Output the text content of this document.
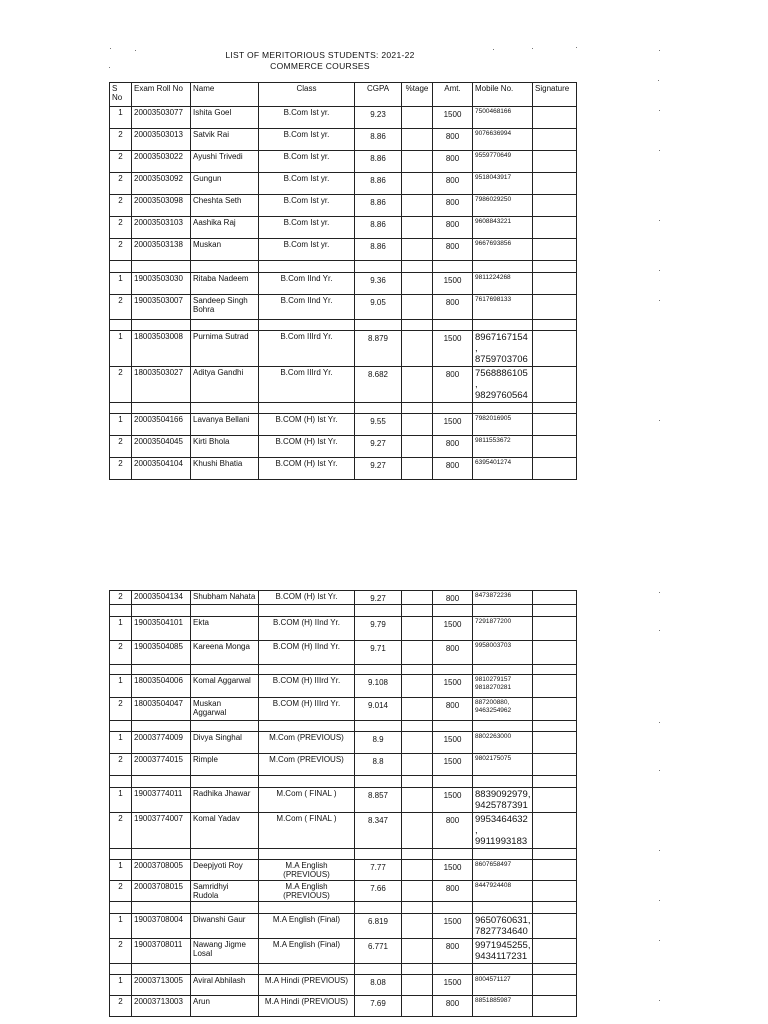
LIST OF MERITORIOUS STUDENTS: 2021-22
COMMERCE COURSES
S No	Exam Roll No	Name	Class	CGPA	%tage	Amt.	Mobile No.	Signature
1	20003503077	Ishita Goel	B.Com Ist yr.	9.23		1500	7500468166	
2	20003503013	Satvik Rai	B.Com Ist yr.	8.86		800	9076636994	
2	20003503022	Ayushi Trivedi	B.Com Ist yr.	8.86		800	9559770649	
2	20003503092	Gungun	B.Com Ist yr.	8.86		800	9518043917	
2	20003503098	Cheshta Seth	B.Com Ist yr.	8.86		800	7986029250	
2	20003503103	Aashika Raj	B.Com Ist yr.	8.86		800	9608843221	
2	20003503138	Muskan	B.Com Ist yr.	8.86		800	9667693856	

1	19003503030	Ritaba Nadeem	B.Com IInd Yr.	9.36		1500	9811224268	
2	19003503007	Sandeep Singh Bohra	B.Com IInd Yr.	9.05		800	7617698133	

1	18003503008	Purnima Sutrad	B.Com IIIrd Yr.	8.879		1500	8967167154 , 8759703706	
2	18003503027	Aditya Gandhi	B.Com IIIrd Yr.	8.682		800	7568886105 , 9829760564	

1	20003504166	Lavanya Bellani	B.COM (H) Ist Yr.	9.55		1500	7982016905	
2	20003504045	Kirti Bhola	B.COM (H) Ist Yr.	9.27		800	9811553672	
2	20003504104	Khushi Bhatia	B.COM (H) Ist Yr.	9.27		800	6395401274	
2	20003504134	Shubham Nahata	B.COM (H) Ist Yr.	9.27		800	8473872236	

1	19003504101	Ekta	B.COM (H) IInd Yr.	9.79		1500	7291877200	
2	19003504085	Kareena Monga	B.COM (H) IInd Yr.	9.71		800	9958003703	

1	18003504006	Komal Aggarwal	B.COM (H) IIIrd Yr.	9.108		1500	9810279157 9818270281	
2	18003504047	Muskan Aggarwal	B.COM (H) IIIrd Yr.	9.014		800	887200880, 9463254962	

1	20003774009	Divya Singhal	M.Com (PREVIOUS)	8.9		1500	8802263000	
2	20003774015	Rimple	M.Com (PREVIOUS)	8.8		1500	9802175075	

1	19003774011	Radhika Jhawar	M.Com ( FINAL )	8.857		1500	8839092979, 9425787391	
2	19003774007	Komal Yadav	M.Com ( FINAL )	8.347		800	9953464632 , 9911993183	

1	20003708005	Deepjyoti Roy	M.A English (PREVIOUS)	7.77		1500	8607658497	
2	20003708015	Samridhyi Rudola	M.A English (PREVIOUS)	7.66		800	8447924408	

1	19003708004	Diwanshi Gaur	M.A English (Final)	6.819		1500	9650760631, 7827734640	
2	19003708011	Nawang Jigme Losal	M.A English (Final)	6.771		800	9971945255, 9434117231	

1	20003713005	Aviral Abhilash	M.A Hindi (PREVIOUS)	8.08		1500	8004571127	
2	20003713003	Arun	M.A Hindi (PREVIOUS)	7.69		800	8851885987	
